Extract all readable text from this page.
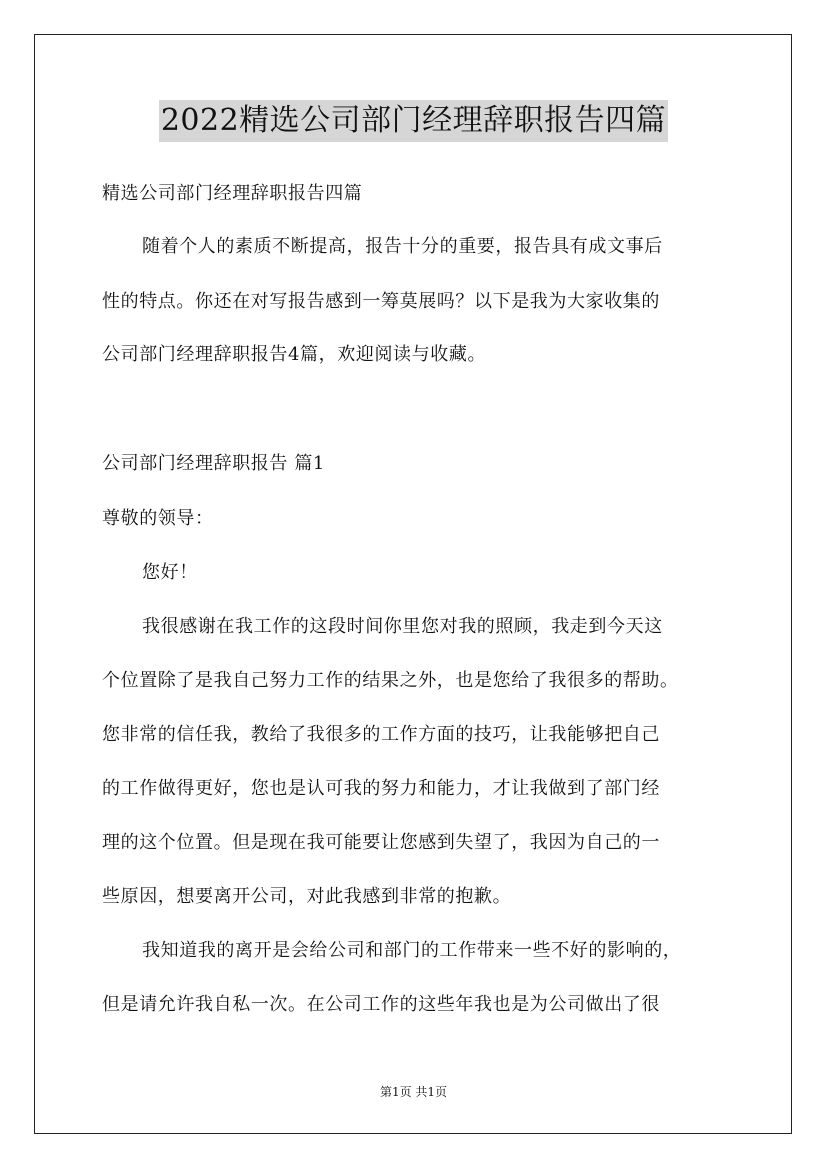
2022精选公司部门经理辞职报告四篇
精选公司部门经理辞职报告四篇
随着个人的素质不断提高，报告十分的重要，报告具有成文事后
性的特点。你还在对写报告感到一筹莫展吗？以下是我为大家收集的
公司部门经理辞职报告4篇，欢迎阅读与收藏。
公司部门经理辞职报告 篇1
尊敬的领导：
您好！
我很感谢在我工作的这段时间你里您对我的照顾，我走到今天这
个位置除了是我自己努力工作的结果之外，也是您给了我很多的帮助。
您非常的信任我，教给了我很多的工作方面的技巧，让我能够把自己
的工作做得更好，您也是认可我的努力和能力，才让我做到了部门经
理的这个位置。但是现在我可能要让您感到失望了，我因为自己的一
些原因，想要离开公司，对此我感到非常的抱歉。
我知道我的离开是会给公司和部门的工作带来一些不好的影响的，
但是请允许我自私一次。在公司工作的这些年我也是为公司做出了很
第1页 共1页
